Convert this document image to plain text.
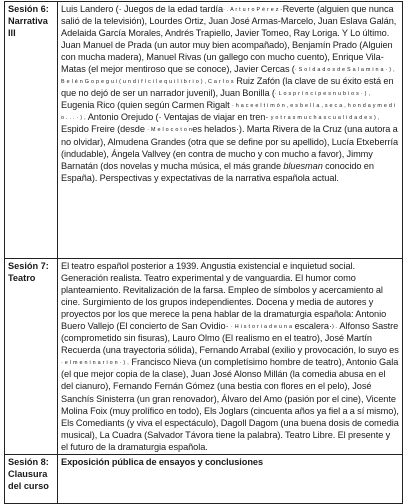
Sesión 6:
Narrativa III	Luis Landero (· Juegos de la edad tardía· . A r t u r o P é r e z -Reverte (alguien que nunca salió de la televisión), Lourdes Ortiz, Juan José Armas-Marcelo, Juan Eslava Galán, Adelaida García Morales, Andrés Trapiello, Javier Tomeo, Ray Loriga. Y Lo último. Juan Manuel de Prada (un autor muy bien acompañado), Benjamín Prado (Alguien con mucha madera), Manuel Rivas (un gallego con mucho cuento), Enrique Vila-Matas (el mejor mentiroso que se conoce), Javier Cercas (· S o l d a d o s d e S a l a m i n a · ) , B e l é n G o p e g u i ( u n d i f í c i l e q u i l i b r i o ) , C a r l o s Ruiz Zafón (la clave de su éxito está en que no dejó de ser un narrador juvenil), Juan Bonilla (· L o s p r í n c i p e s n u b i o s · ) , Eugenia Rico (quien según Carmen Rigalt · h a c e e l t i m ó n , e s b e l l a , s e c a , h o n d a y m e d i o . . . · ) , Antonio Orejudo (· Ventajas de viajar en tren· y o t r a s m u c h a s c u a l i d a d e s ) , Espido Freire (desde · M e l o c o t o nes helados·). Marta Rivera de la Cruz (una autora a no olvidar), Almudena Grandes (otra que se define por su apellido), Lucía Etxeberría (indudable), Ángela Vallvey (en contra de mucho y con mucho a favor), Jimmy Barnatán (dos novelas y mucha música, el más grande bluesman conocido en España). Perspectivas y expectativas de la narrativa española actual.

Sesión 7:
Teatro	El teatro español posterior a 1939. Angustia existencial e inquietud social. Generación realista. Teatro experimental y de vanguardia. El humor como planteamiento. Revitalización de la farsa. Empleo de símbolos y acercamiento al cine. Surgimiento de los grupos independientes. Docena y media de autores y proyectos por los que merece la pena hablar de la dramaturgia española: Antonio Buero Vallejo (El concierto de San Ovidio· · H i s t o r i a d e u n a escalera·) . Alfonso Sastre (comprometido sin fisuras), Lauro Olmo (El realismo en el teatro), José Martín Recuerda (una trayectoria sólida), Fernando Arrabal (exilio y provocación, lo suyo es · e l m e n i n a r i o n · ) , Francisco Nieva (un completísimo hombre de teatro), Antonio Gala (el que mejor copia de la clase), Juan José Alonso Millán (la comedia abusa en el del cianuro), Fernando Fernán Gómez (una bestia con flores en el pelo), José Sanchís Sinisterra (un gran renovador), Álvaro del Amo (pasión por el cine), Vicente Molina Foix (muy prolífico en todo), Els Joglars (cincuenta años ya fiel a a sí mismo), Els Comediants (y viva el espectáculo), Dagoll Dagom (una buena dosis de comedia musical), La Cuadra (Salvador Távora tiene la palabra). Teatro Libre. El presente y el futuro de la dramaturgia española.

Sesión 8:
Clausura del curso	Exposición pública de ensayos y conclusiones
